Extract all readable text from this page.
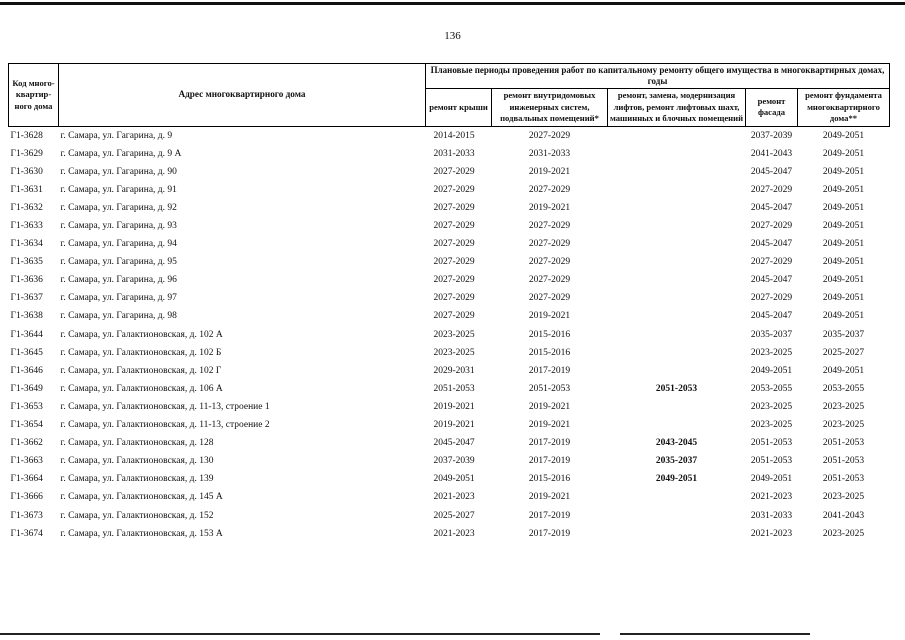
136
Код много-квартир-ного дома	Адрес многоквартирного дома	Плановые периоды проведения работ по капитальному ремонту общего имущества в многоквартирных домах, годы				
		ремонт крыши	ремонт внутридомовых инженерных систем, подвальных помещений*	ремонт, замена, модернизация лифтов, ремонт лифтовых шахт, машинных и блочных помещений	ремонт фасада	ремонт фундамента многоквартирного дома**
Г1-3628	г. Самара, ул. Гагарина, д. 9	2014-2015	2027-2029		2037-2039	2049-2051
Г1-3629	г. Самара, ул. Гагарина, д. 9 А	2031-2033	2031-2033		2041-2043	2049-2051
Г1-3630	г. Самара, ул. Гагарина, д. 90	2027-2029	2019-2021		2045-2047	2049-2051
Г1-3631	г. Самара, ул. Гагарина, д. 91	2027-2029	2027-2029		2027-2029	2049-2051
Г1-3632	г. Самара, ул. Гагарина, д. 92	2027-2029	2019-2021		2045-2047	2049-2051
Г1-3633	г. Самара, ул. Гагарина, д. 93	2027-2029	2027-2029		2027-2029	2049-2051
Г1-3634	г. Самара, ул. Гагарина, д. 94	2027-2029	2027-2029		2045-2047	2049-2051
Г1-3635	г. Самара, ул. Гагарина, д. 95	2027-2029	2027-2029		2027-2029	2049-2051
Г1-3636	г. Самара, ул. Гагарина, д. 96	2027-2029	2027-2029		2045-2047	2049-2051
Г1-3637	г. Самара, ул. Гагарина, д. 97	2027-2029	2027-2029		2027-2029	2049-2051
Г1-3638	г. Самара, ул. Гагарина, д. 98	2027-2029	2019-2021		2045-2047	2049-2051
Г1-3644	г. Самара, ул. Галактионовская, д. 102 А	2023-2025	2015-2016		2035-2037	2035-2037
Г1-3645	г. Самара, ул. Галактионовская, д. 102 Б	2023-2025	2015-2016		2023-2025	2025-2027
Г1-3646	г. Самара, ул. Галактионовская, д. 102 Г	2029-2031	2017-2019		2049-2051	2049-2051
Г1-3649	г. Самара, ул. Галактионовская, д. 106 А	2051-2053	2051-2053	2051-2053	2053-2055	2053-2055
Г1-3653	г. Самара, ул. Галактионовская, д. 11-13, строение 1	2019-2021	2019-2021		2023-2025	2023-2025
Г1-3654	г. Самара, ул. Галактионовская, д. 11-13, строение 2	2019-2021	2019-2021		2023-2025	2023-2025
Г1-3662	г. Самара, ул. Галактионовская, д. 128	2045-2047	2017-2019	2043-2045	2051-2053	2051-2053
Г1-3663	г. Самара, ул. Галактионовская, д. 130	2037-2039	2017-2019	2035-2037	2051-2053	2051-2053
Г1-3664	г. Самара, ул. Галактионовская, д. 139	2049-2051	2015-2016	2049-2051	2049-2051	2051-2053
Г1-3666	г. Самара, ул. Галактионовская, д. 145 А	2021-2023	2019-2021		2021-2023	2023-2025
Г1-3673	г. Самара, ул. Галактионовская, д. 152	2025-2027	2017-2019		2031-2033	2041-2043
Г1-3674	г. Самара, ул. Галактионовская, д. 153 А	2021-2023	2017-2019		2021-2023	2023-2025
